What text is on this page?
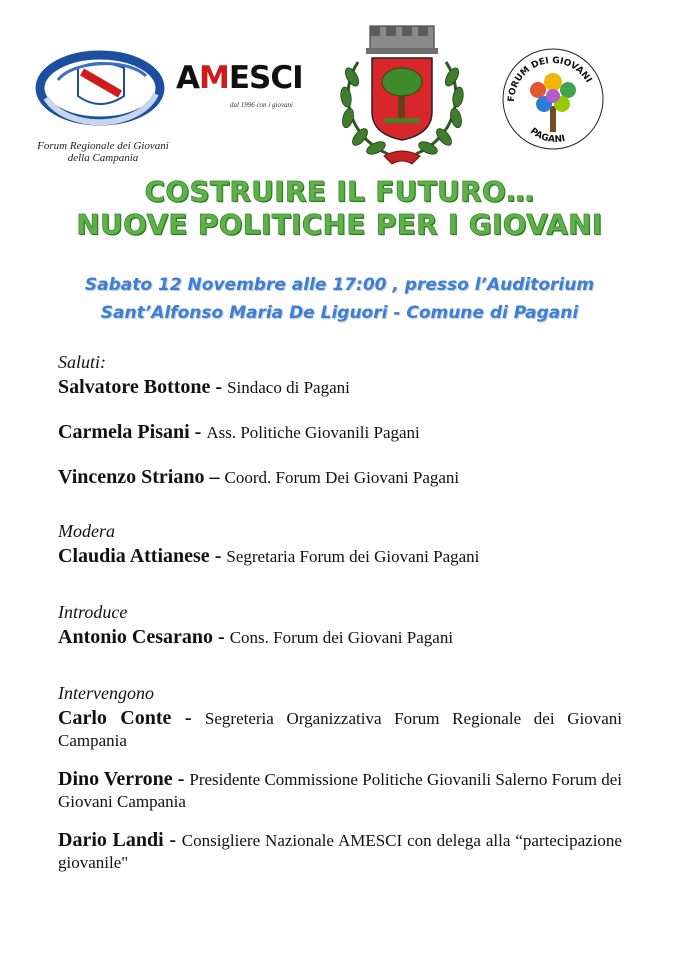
Forum Regionale dei Giovani
della Campania
AMESCI
dal 1996 con i giovani
FORUM DEI GIOVANI
PAGANI
COSTRUIRE IL FUTURO…
NUOVE POLITICHE PER I GIOVANI
Sabato 12 Novembre alle 17:00 , presso l’Auditorium
Sant’Alfonso Maria De Liguori - Comune di Pagani
Saluti:
Salvatore Bottone - Sindaco di Pagani
Carmela Pisani - Ass. Politiche Giovanili Pagani
Vincenzo Striano – Coord. Forum Dei Giovani Pagani
Modera
Claudia Attianese - Segretaria Forum dei Giovani Pagani
Introduce
Antonio Cesarano - Cons. Forum dei Giovani Pagani
Intervengono
Carlo Conte - Segreteria Organizzativa Forum Regionale dei Giovani Campania
Dino Verrone - Presidente Commissione Politiche Giovanili Salerno Forum dei Giovani Campania
Dario Landi - Consigliere Nazionale AMESCI con delega alla “partecipazione giovanile"
